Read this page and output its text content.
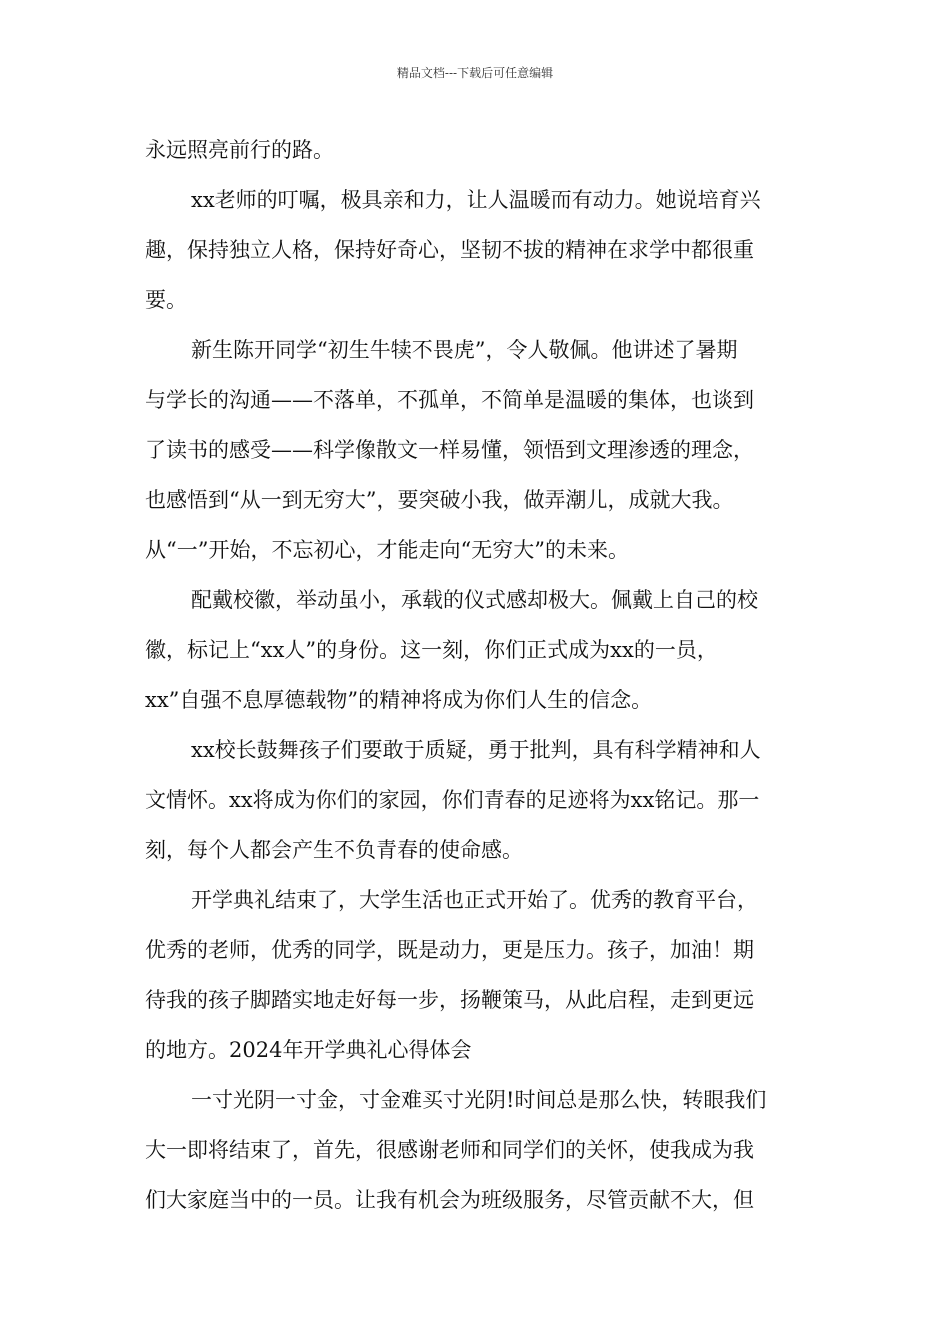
精品文档---下载后可任意编辑
永远照亮前行的路。
xx老师的叮嘱，极具亲和力，让人温暖而有动力。她说培育兴
趣，保持独立人格，保持好奇心，坚韧不拔的精神在求学中都很重
要。
新生陈开同学“初生牛犊不畏虎”，令人敬佩。他讲述了暑期
与学长的沟通——不落单，不孤单，不简单是温暖的集体，也谈到
了读书的感受——科学像散文一样易懂，领悟到文理渗透的理念，
也感悟到“从一到无穷大”，要突破小我，做弄潮儿，成就大我。
从“一”开始，不忘初心，才能走向“无穷大”的未来。
配戴校徽，举动虽小，承载的仪式感却极大。佩戴上自己的校
徽，标记上“xx人”的身份。这一刻，你们正式成为xx的一员，
xx”自强不息厚德载物”的精神将成为你们人生的信念。
xx校长鼓舞孩子们要敢于质疑，勇于批判，具有科学精神和人
文情怀。xx将成为你们的家园，你们青春的足迹将为xx铭记。那一
刻，每个人都会产生不负青春的使命感。
开学典礼结束了，大学生活也正式开始了。优秀的教育平台，
优秀的老师，优秀的同学，既是动力，更是压力。孩子，加油！期
待我的孩子脚踏实地走好每一步，扬鞭策马，从此启程，走到更远
的地方。2024年开学典礼心得体会
一寸光阴一寸金，寸金难买寸光阴!时间总是那么快，转眼我们
大一即将结束了，首先，很感谢老师和同学们的关怀，使我成为我
们大家庭当中的一员。让我有机会为班级服务，尽管贡献不大，但
